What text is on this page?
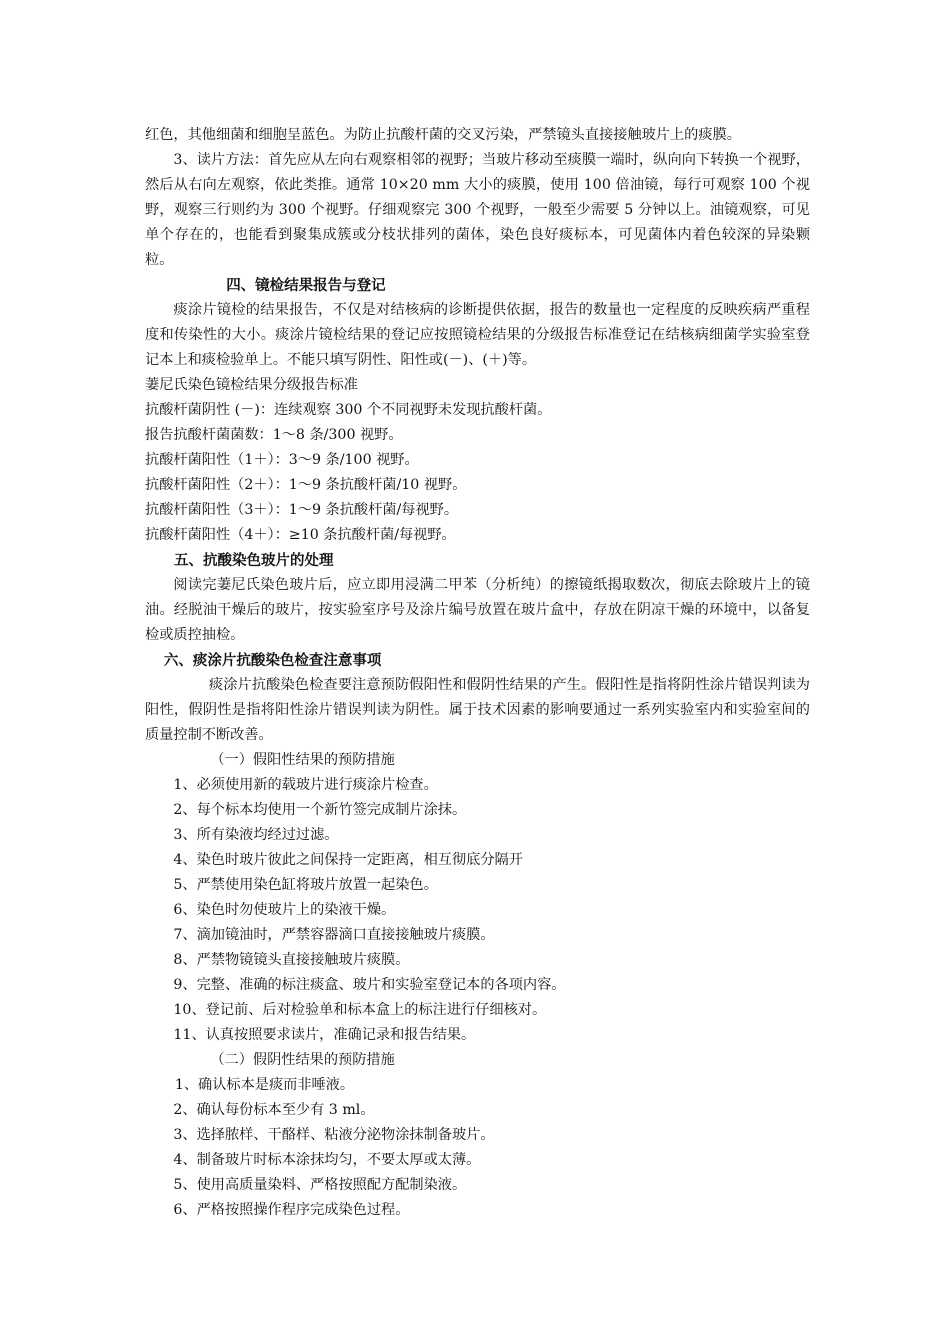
红色，其他细菌和细胞呈蓝色。为防止抗酸杆菌的交叉污染，严禁镜头直接接触玻片上的痰膜。

3、读片方法：首先应从左向右观察相邻的视野；当玻片移动至痰膜一端时，纵向向下转换一个视野，然后从右向左观察，依此类推。通常 10×20 mm 大小的痰膜，使用 100 倍油镜，每行可观察 100 个视野，观察三行则约为 300 个视野。仔细观察完 300 个视野，一般至少需要 5 分钟以上。油镜观察，可见单个存在的，也能看到聚集成簇或分枝状排列的菌体，染色良好痰标本，可见菌体内着色较深的异染颗粒。

四、镜检结果报告与登记

痰涂片镜检的结果报告，不仅是对结核病的诊断提供依据，报告的数量也一定程度的反映疾病严重程度和传染性的大小。痰涂片镜检结果的登记应按照镜检结果的分级报告标准登记在结核病细菌学实验室登记本上和痰检验单上。不能只填写阴性、阳性或(－)、(＋)等。

萋尼氏染色镜检结果分级报告标准

抗酸杆菌阴性 (－)：连续观察 300 个不同视野未发现抗酸杆菌。

报告抗酸杆菌菌数：1～8 条/300 视野。

抗酸杆菌阳性（1＋）：3～9 条/100 视野。

抗酸杆菌阳性（2＋）：1～9 条抗酸杆菌/10 视野。

抗酸杆菌阳性（3＋）：1～9 条抗酸杆菌/每视野。

抗酸杆菌阳性（4＋）：≥10 条抗酸杆菌/每视野。

五、抗酸染色玻片的处理

阅读完萋尼氏染色玻片后，应立即用浸满二甲苯（分析纯）的擦镜纸揭取数次，彻底去除玻片上的镜油。经脱油干燥后的玻片，按实验室序号及涂片编号放置在玻片盒中，存放在阴凉干燥的环境中，以备复检或质控抽检。

六、痰涂片抗酸染色检查注意事项

痰涂片抗酸染色检查要注意预防假阳性和假阴性结果的产生。假阳性是指将阴性涂片错误判读为阳性，假阴性是指将阳性涂片错误判读为阴性。属于技术因素的影响要通过一系列实验室内和实验室间的质量控制不断改善。

（一）假阳性结果的预防措施

1、必须使用新的载玻片进行痰涂片检查。

2、每个标本均使用一个新竹签完成制片涂抹。

3、所有染液均经过过滤。

4、染色时玻片彼此之间保持一定距离，相互彻底分隔开

5、严禁使用染色缸将玻片放置一起染色。

6、染色时勿使玻片上的染液干燥。

7、滴加镜油时，严禁容器滴口直接接触玻片痰膜。

8、严禁物镜镜头直接接触玻片痰膜。

9、完整、准确的标注痰盒、玻片和实验室登记本的各项内容。

10、登记前、后对检验单和标本盒上的标注进行仔细核对。

11、认真按照要求读片，准确记录和报告结果。

（二）假阴性结果的预防措施

1、确认标本是痰而非唾液。

2、确认每份标本至少有 3 ml。

3、选择脓样、干酪样、粘液分泌物涂抹制备玻片。

4、制备玻片时标本涂抹均匀，不要太厚或太薄。

5、使用高质量染料、严格按照配方配制染液。

6、严格按照操作程序完成染色过程。
